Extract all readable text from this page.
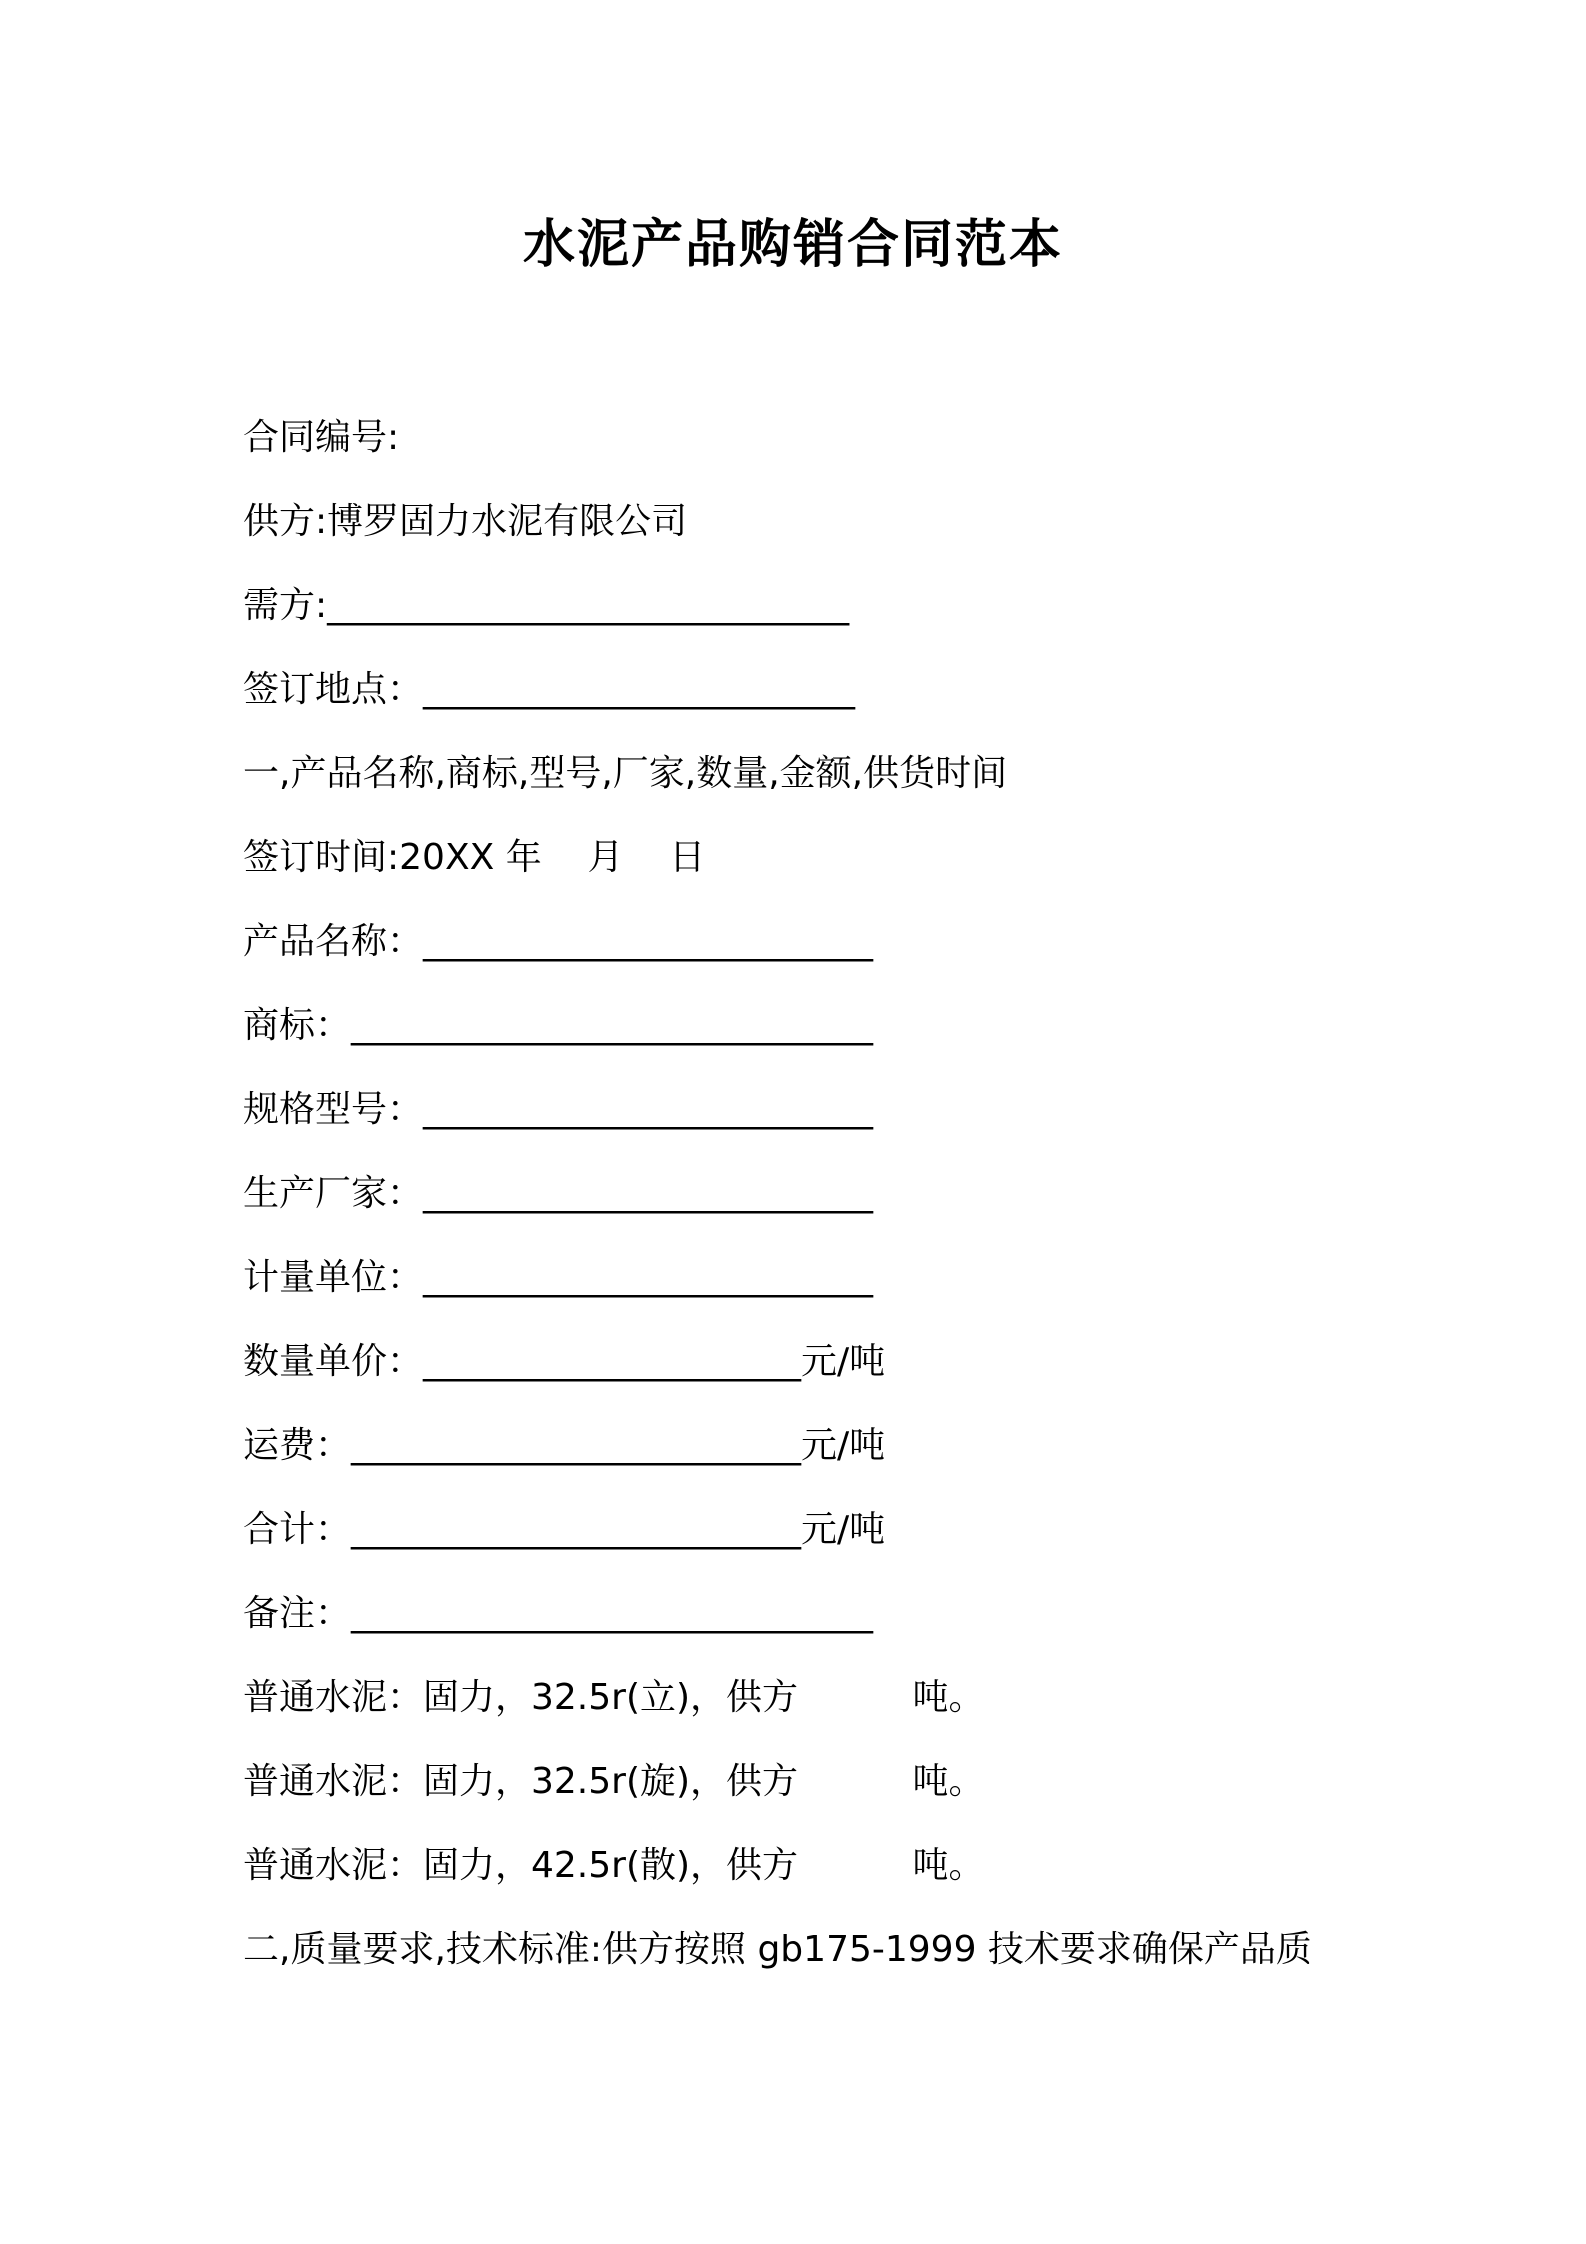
水泥产品购销合同范本
合同编号:
供方:博罗固力水泥有限公司
需方:_____________________________
签订地点：________________________
一,产品名称,商标,型号,厂家,数量,金额,供货时间
签订时间:20XX 年    月    日
产品名称：_________________________
商标：_____________________________
规格型号：_________________________
生产厂家：_________________________
计量单位：_________________________
数量单价：_____________________元/吨
运费：_________________________元/吨
合计：_________________________元/吨
备注：_____________________________
普通水泥：固力，32.5r(立)，供方          吨。
普通水泥：固力，32.5r(旋)，供方          吨。
普通水泥：固力，42.5r(散)，供方          吨。
二,质量要求,技术标准:供方按照 gb175-1999 技术要求确保产品质
